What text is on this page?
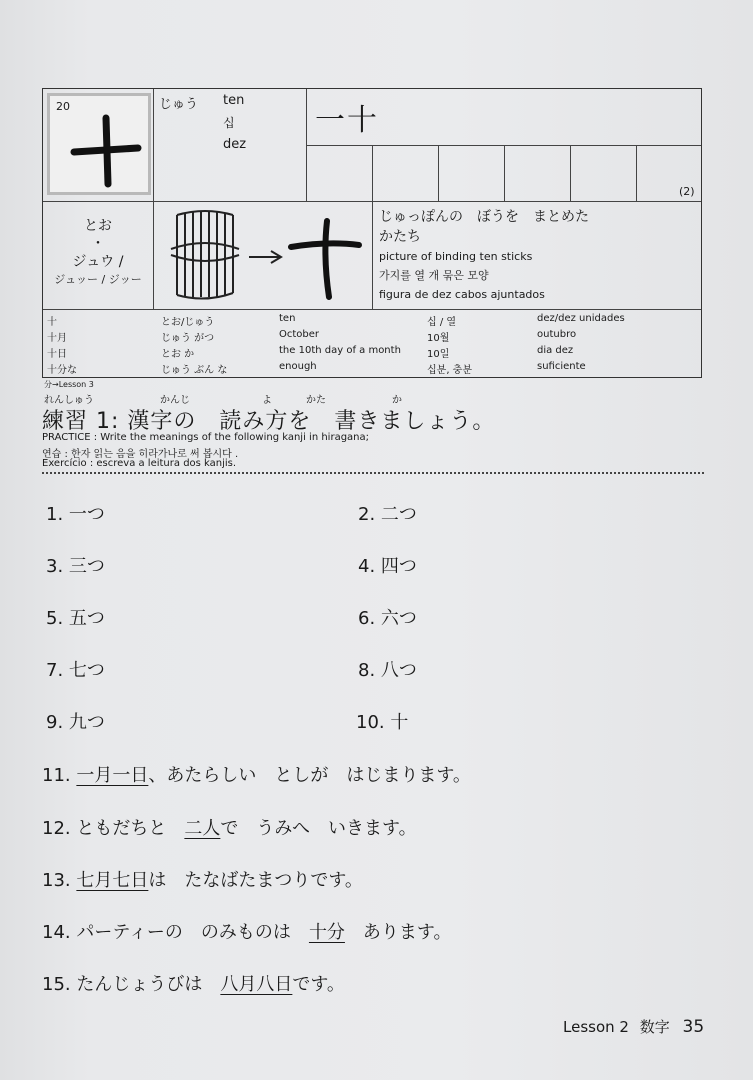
20	じゅう ten
십
dez
一十
(2)
とお
・
ジュウ /
ジュッー / ジッー
じゅっぽんの　ぼうを　まとめた
かたち
picture of binding ten sticks
가지를 열 개 묶은 모양
figura de dez cabos ajuntados
十	とお/じゅう	ten	십 / 열	dez/dez unidades
十月	じゅう がつ	October	10월	outubro
十日	とお か	the 10th day of a month	10일	dia dez
十分な	じゅう ぶん な	enough	십분, 충분	suficiente
分→Lesson 3
れんしゅう	かんじ	よ	かた	か
練習 1: 漢字の　読み方を　書きましょう。
PRACTICE : Write the meanings of the following kanji in hiragana;
연습 : 한자 읽는 음을 히라가나로 써 봅시다 .
Exercício : escreva a leitura dos kanjis.
1. 一つ	2. 二つ
3. 三つ	4. 四つ
5. 五つ	6. 六つ
7. 七つ	8. 八つ
9. 九つ	10. 十
11. 一月一日、あたらしい　としが　はじまります。
12. ともだちと　二人で　うみへ　いきます。
13. 七月七日は　たなばたまつりです。
14. パーティーの　のみものは　十分　あります。
15. たんじょうびは　八月八日です。
Lesson 2 数字 35
